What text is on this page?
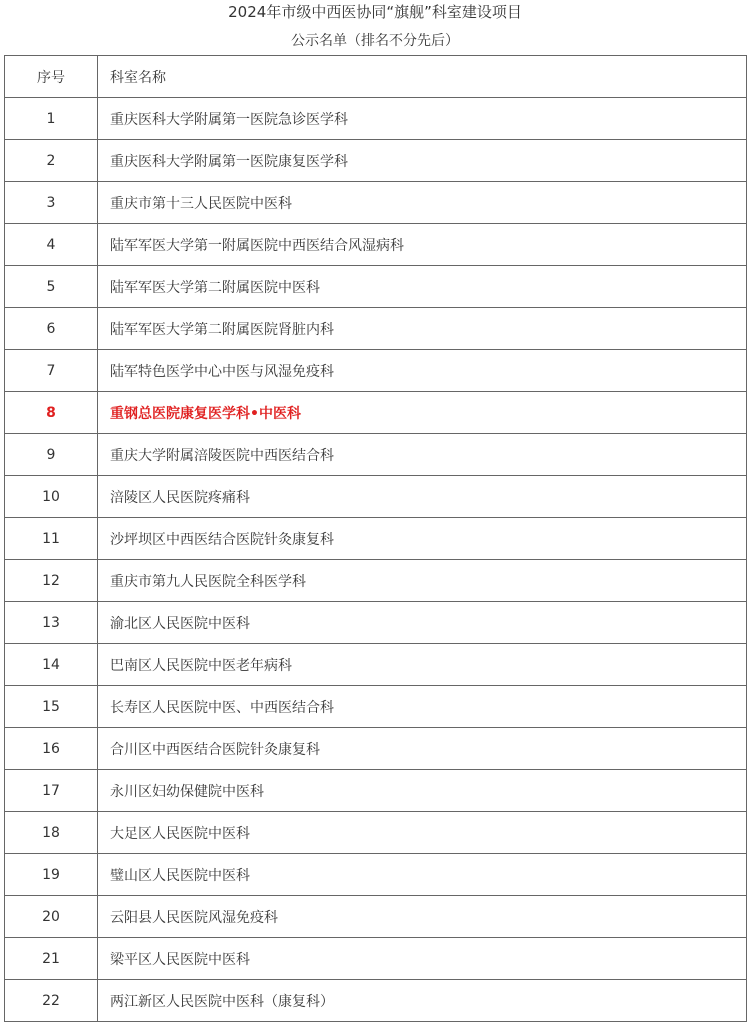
2024年市级中西医协同“旗舰”科室建设项目
公示名单（排名不分先后）
序号	科室名称
1	重庆医科大学附属第一医院急诊医学科
2	重庆医科大学附属第一医院康复医学科
3	重庆市第十三人民医院中医科
4	陆军军医大学第一附属医院中西医结合风湿病科
5	陆军军医大学第二附属医院中医科
6	陆军军医大学第二附属医院肾脏内科
7	陆军特色医学中心中医与风湿免疫科
8	重钢总医院康复医学科•中医科
9	重庆大学附属涪陵医院中西医结合科
10	涪陵区人民医院疼痛科
11	沙坪坝区中西医结合医院针灸康复科
12	重庆市第九人民医院全科医学科
13	渝北区人民医院中医科
14	巴南区人民医院中医老年病科
15	长寿区人民医院中医、中西医结合科
16	合川区中西医结合医院针灸康复科
17	永川区妇幼保健院中医科
18	大足区人民医院中医科
19	璧山区人民医院中医科
20	云阳县人民医院风湿免疫科
21	梁平区人民医院中医科
22	两江新区人民医院中医科（康复科）
